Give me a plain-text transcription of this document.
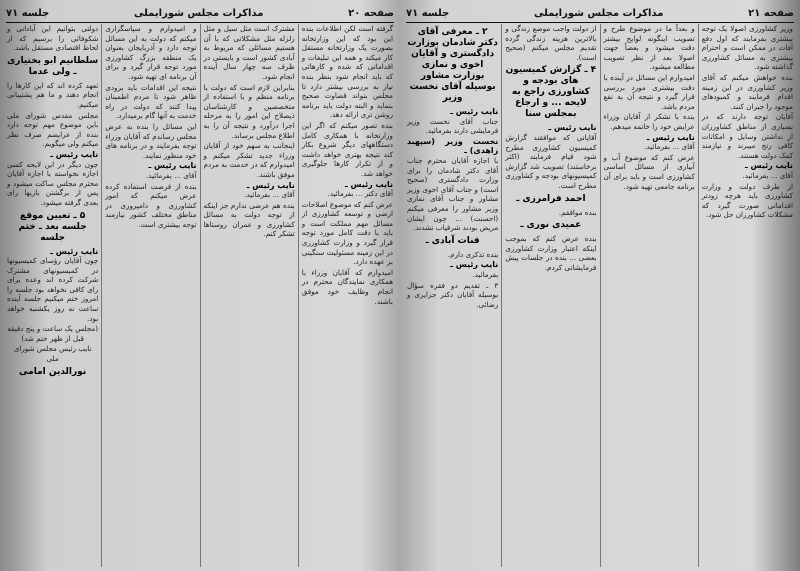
صفحه ۲۰
مذاکرات مجلس شورایملی
جلسه ۷۱

گرفته است لکن اطلاعات بنده این بود که این وزارتخانه بصورت یک وزارتخانه مستقل کار میکند و همه این تبلیغات و اقداماتی که شده و کارهائی که باید انجام شود بنظر بنده نیاز به بررسی بیشتر دارد تا مجلس بتواند قضاوت صحیح بنماید و البته دولت باید برنامه روشن تری ارائه دهد.

بنده تصور میکنم که اگر این وزارتخانه با همکاری کامل دستگاههای دیگر شروع بکار کند نتیجه بهتری خواهد داشت و از تکرار کارها جلوگیری خواهد شد.

نایب رئیس ـ

آقای دکتر ... بفرمائید.

عرض کنم که موضوع اصلاحات ارضی و توسعه کشاورزی از مسائل مهم مملکت است و باید با دقت کامل مورد توجه قرار گیرد و وزارت کشاورزی در این زمینه مسئولیت سنگینی بر عهده دارد.

امیدوارم که آقایان وزراء با همکاری نمایندگان محترم در انجام وظایف خود موفق باشند.

مشترک است مثل سیل و مثل زلزله مثل مشکلاتی که با آن هستیم مسائلی که مربوط به آبادی کشور است و بایستی در ظرف سه چهار سال آینده انجام شود.

بنابراین لازم است که دولت با برنامه منظم و با استفاده از متخصصین و کارشناسان ذیصلاح این امور را به مرحله اجرا درآورد و نتیجه آن را به اطلاع مجلس برساند.

اینجانب به سهم خود از آقایان وزراء جدید تشکر میکنم و امیدوارم که در خدمت به مردم موفق باشند.

نایب رئیس ـ

آقای ... بفرمائید.

بنده هم عرضی ندارم جز اینکه از توجه دولت به مسائل کشاورزی و عمران روستاها تشکر کنم.

و امیدوارم و سپاسگزاری میکنم که دولت به این مسائل توجه دارد و آذربایجان بعنوان یک منطقه بزرگ کشاورزی مورد توجه قرار گیرد و برای آن برنامه ای تهیه شود.

نتیجه این اقدامات باید بزودی ظاهر شود تا مردم اطمینان پیدا کنند که دولت در راه خدمت به آنها گام برمیدارد.

این مسائل را بنده به عرض مجلس رساندم که آقایان وزراء توجه بفرمایند و در برنامه های خود منظور نمایند.

نایب رئیس ـ

آقای ... بفرمائید.

بنده از فرصت استفاده کرده عرض میکنم که امور کشاورزی و دامپروری در مناطق مختلف کشور نیازمند توجه بیشتری است.

دولتی بتوانیم این آبادانی و شکوفائی را برسیم که از لحاظ اقتصادی مستقل باشد.

سلطانیم ابو بختیاری ـ ولی عدما

تعهد کرده اند که این کارها را انجام دهند و ما هم پشتیبانی میکنیم.

مجلس مقدس شورای ملی باین موضوع مهم توجه دارد بنده از عرایضم صرف نظر میکنم ولی میگویم.

نایب رئیس ـ

چون دیگر در این لایحه کسی اجازه نخواسته با اجازه آقایان محترم مجلس ساکت میشود و پس از برگشتن بازیها رای بعدی گرفته میشود.

۵ ـ تعیین موقع جلسه بعد ـ ختم جلسه
نایب رئیس ـ

چون آقایان رؤسای کمیسیونها در کمیسیونهای مشترک شرکت کرده اند وعده برای رای کافی نخواهد بود جلسه را امروز ختم میکنیم جلسه آینده ساعت نه روز یکشنبه خواهد بود.

(مجلس یک ساعت و پنج دقیقه قبل از ظهر ختم شد)

نایب رئیس مجلس شورای ملی

نورالدین امامی
صفحه ۲۱
مذاکرات مجلس شورایملی
جلسه ۷۱

وزیر کشاورزی اصولا یک توجه بیشتری بفرمایند که اول دفع آفات در ممکن است و احترام بیشتری به مسائل کشاورزی گذاشته شود.

بنده خواهش میکنم که آقای وزیر کشاورزی در این زمینه اقدام فرمایند و کمبودهای موجود را جبران کنند.

آقایان توجه دارند که در بسیاری از مناطق کشاورزان از نداشتن وسایل و امکانات کافی رنج میبرند و نیازمند کمک دولت هستند.

نایب رئیس ـ

آقای ... بفرمائید.

از طرف دولت و وزارت کشاورزی باید هرچه زودتر اقداماتی صورت گیرد که مشکلات کشاورزان حل شود.

و بعداً ما در موضوع طرح و تصویب اینگونه لوایح بیشتر دقت میشود و بعضاً جهت اصولا بعد از نظر تصویب مطالعه میشود.

امیدوارم این مسائل در آینده با دقت بیشتری مورد بررسی قرار گیرد و نتیجه آن به نفع مردم باشد.

بنده با تشکر از آقایان وزراء عرایض خود را خاتمه میدهم.

نایب رئیس ـ

آقای ... بفرمائید.

عرض کنم که موضوع آب و آبیاری از مسائل اساسی کشاورزی است و باید برای آن برنامه جامعی تهیه شود.

از دولت واجب موضع زندگی و بالاترین هزینه زندگی گرده تقدیم مجلس میکنم (صحیح است).

۴ ـ گزارش کمیسیون های بودجه و کشاورزی راجع به لایحه ... و ارجاع بمجلس سنا
نایب رئیس ـ

آقایانی که موافقند گزارش کمیسیون کشاورزی مطرح شود قیام فرمایند (اکثر برخاستند) تصویب شد گزارش کمیسیونهای بودجه و کشاورزی مطرح است.

احمد فرامرزی ـ

بنده موافقم.

عمیدی نوری ـ

بنده عرض کنم که بموجب اینکه اعتبار وزارت کشاورزی بعضی ... بنده در جلسات پیش فرمایشاتی کردم.

۲ ـ معرفی آقای دکتر شادمان بوزارت دادگستری و آقایان اخوی و نمازی بوزارت مشاور بوسیله آقای نخست وزیر
نایب رئیس ـ

جناب آقای نخست وزیر فرمایشی دارند بفرمائید.

نخست وزیر (سپهبد زاهدی) ـ

با اجازه آقایان محترم جناب آقای دکتر شادمان را برای وزارت دادگستری (صحیح است) و جناب آقای اخوی وزیر مشاور و جناب آقای نمازی وزیر مشاور را معرفی میکنم (احسنت) ... چون ایشان مریض بودند شرفیاب نشدند.

قنات آبادی ـ

بنده تذکری دارم.

نایب رئیس ـ

بفرمائید.

۳ ـ تقدیم دو فقره سؤال بوسیله آقایان دکتر جزایری و رضائی.
